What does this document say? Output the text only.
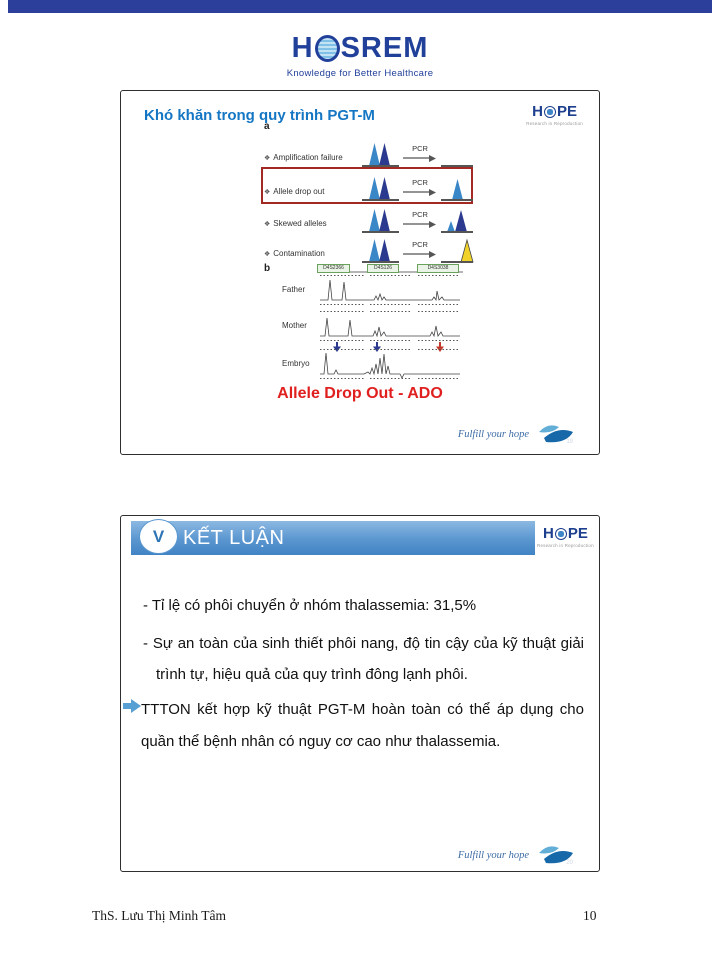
H SREM
Knowledge for Better Healthcare
Khó khăn trong quy trình PGT-M	H PE
Research in Reproduction
a
❖ Amplification failure
PCR
❖ Allele drop out
PCR
❖ Skewed alleles
PCR
❖ Contamination
PCR
b	D4S2366	D4S126	D4S3038
Father
Mother
Embryo
Allele Drop Out - ADO
Fulfill your hope
19
V KẾT LUẬN	H PE
Research in Reproduction
- Tỉ lệ có phôi chuyển ở nhóm thalassemia: 31,5%
- Sự an toàn của sinh thiết phôi nang, độ tin cậy của kỹ thuật giải trình tự, hiệu quả của quy trình đông lạnh phôi.
TTTON kết hợp kỹ thuật PGT-M hoàn toàn có thể áp dụng cho quần thể bệnh nhân có nguy cơ cao như thalassemia.
Fulfill your hope
20
ThS. Lưu Thị Minh Tâm	10
